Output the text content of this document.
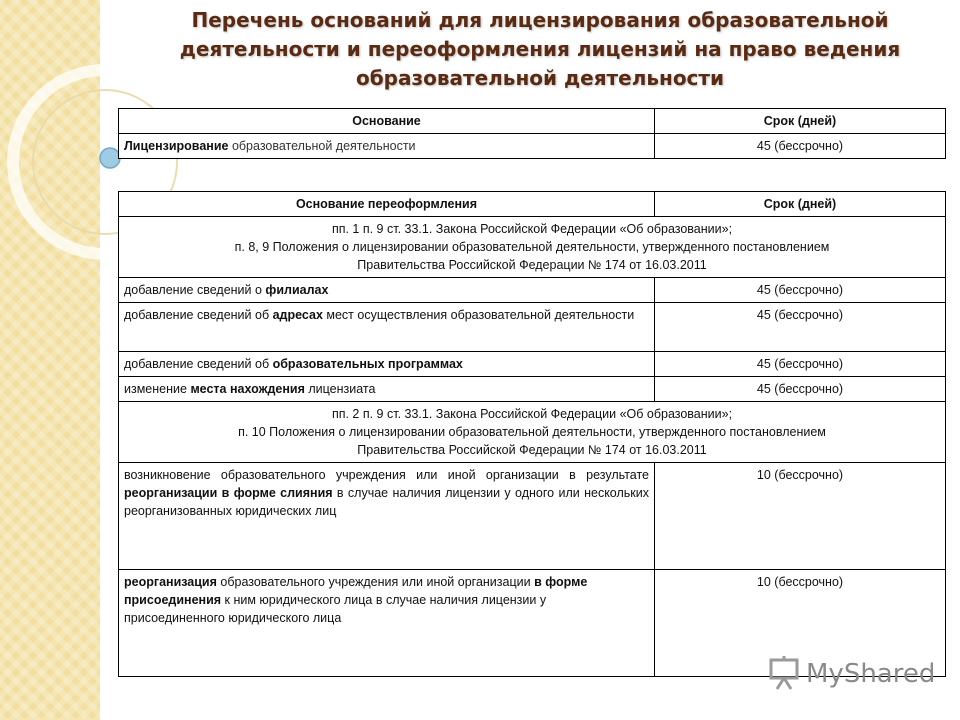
Перечень оснований для лицензирования образовательной деятельности и переоформления лицензий на право ведения образовательной деятельности
Основание	Срок (дней)
Лицензирование образовательной деятельности	45 (бессрочно)
Основание переоформления	Срок (дней)
пп. 1 п. 9 ст. 33.1. Закона Российской Федерации «Об образовании»;
п. 8, 9 Положения о лицензировании образовательной деятельности, утвержденного постановлением
Правительства Российской Федерации № 174 от 16.03.2011	
добавление сведений о филиалах	45 (бессрочно)
добавление сведений об адресах мест осуществления образовательной деятельности	45 (бессрочно)
добавление сведений об образовательных программах	45 (бессрочно)
изменение места нахождения лицензиата	45 (бессрочно)
пп. 2 п. 9 ст. 33.1. Закона Российской Федерации «Об образовании»;
п. 10 Положения о лицензировании образовательной деятельности, утвержденного постановлением
Правительства Российской Федерации № 174 от 16.03.2011	
возникновение образовательного учреждения или иной организации в результате реорганизации в форме слияния в случае наличия лицензии у одного или нескольких реорганизованных юридических лиц	10 (бессрочно)
реорганизация образовательного учреждения или иной организации в форме присоединения к ним юридического лица в случае наличия лицензии у присоединенного юридического лица	10 (бессрочно)
MyShared
